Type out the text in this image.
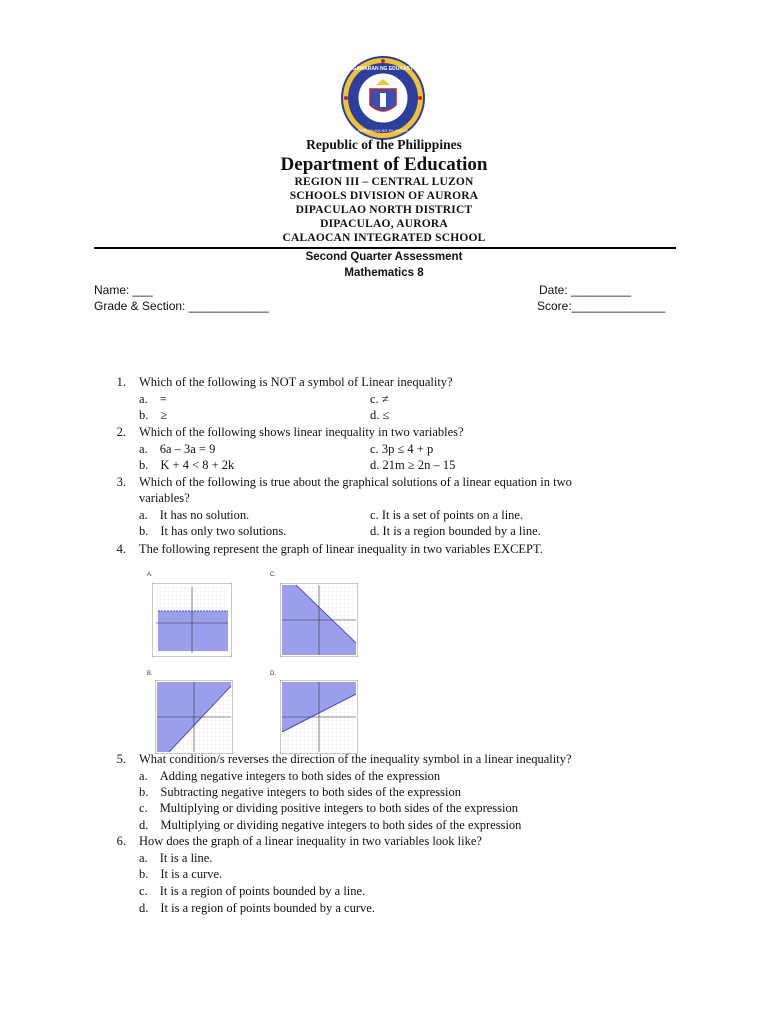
KAGAWARAN NG EDUKASYON
REPUBLIKA NG PILIPINAS
Republic of the Philippines
Department of Education
REGION III – CENTRAL LUZON
SCHOOLS DIVISION OF AURORA
DIPACULAO NORTH DISTRICT
DIPACULAO, AURORA
CALAOCAN INTEGRATED SCHOOL
Second Quarter Assessment
Mathematics 8
Name: ___
Grade & Section: ____________
Date: _________
Score:______________
1. Which of the following is NOT a symbol of Linear inequality?
a. =	c. ≠
b. ≥	d. ≤
2. Which of the following shows linear inequality in two variables?
a. 6a – 3a = 9	c. 3p ≤ 4 + p
b. K + 4 < 8 + 2k	d. 21m ≥ 2n – 15
3. Which of the following is true about the graphical solutions of a linear equation in two
variables?
a. It has no solution.	c. It is a set of points on a line.
b. It has only two solutions.	d. It is a region bounded by a line.
4. The following represent the graph of linear inequality in two variables EXCEPT.
A.	C.
B.	D.
5. What condition/s reverses the direction of the inequality symbol in a linear inequality?
a. Adding negative integers to both sides of the expression
b. Subtracting negative integers to both sides of the expression
c. Multiplying or dividing positive integers to both sides of the expression
d. Multiplying or dividing negative integers to both sides of the expression
6. How does the graph of a linear inequality in two variables look like?
a. It is a line.
b. It is a curve.
c. It is a region of points bounded by a line.
d. It is a region of points bounded by a curve.
